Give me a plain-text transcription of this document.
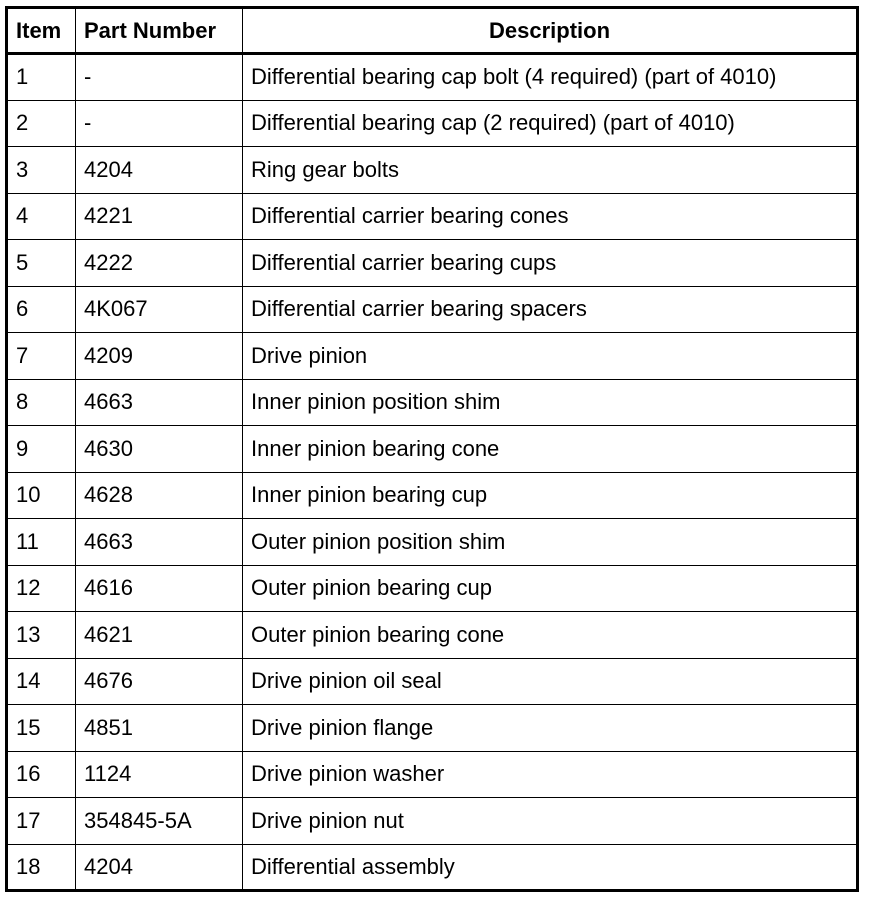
Item	Part Number	Description
1	-	Differential bearing cap bolt (4 required) (part of 4010)
2	-	Differential bearing cap (2 required) (part of 4010)
3	4204	Ring gear bolts
4	4221	Differential carrier bearing cones
5	4222	Differential carrier bearing cups
6	4K067	Differential carrier bearing spacers
7	4209	Drive pinion
8	4663	Inner pinion position shim
9	4630	Inner pinion bearing cone
10	4628	Inner pinion bearing cup
11	4663	Outer pinion position shim
12	4616	Outer pinion bearing cup
13	4621	Outer pinion bearing cone
14	4676	Drive pinion oil seal
15	4851	Drive pinion flange
16	1124	Drive pinion washer
17	354845-5A	Drive pinion nut
18	4204	Differential assembly
